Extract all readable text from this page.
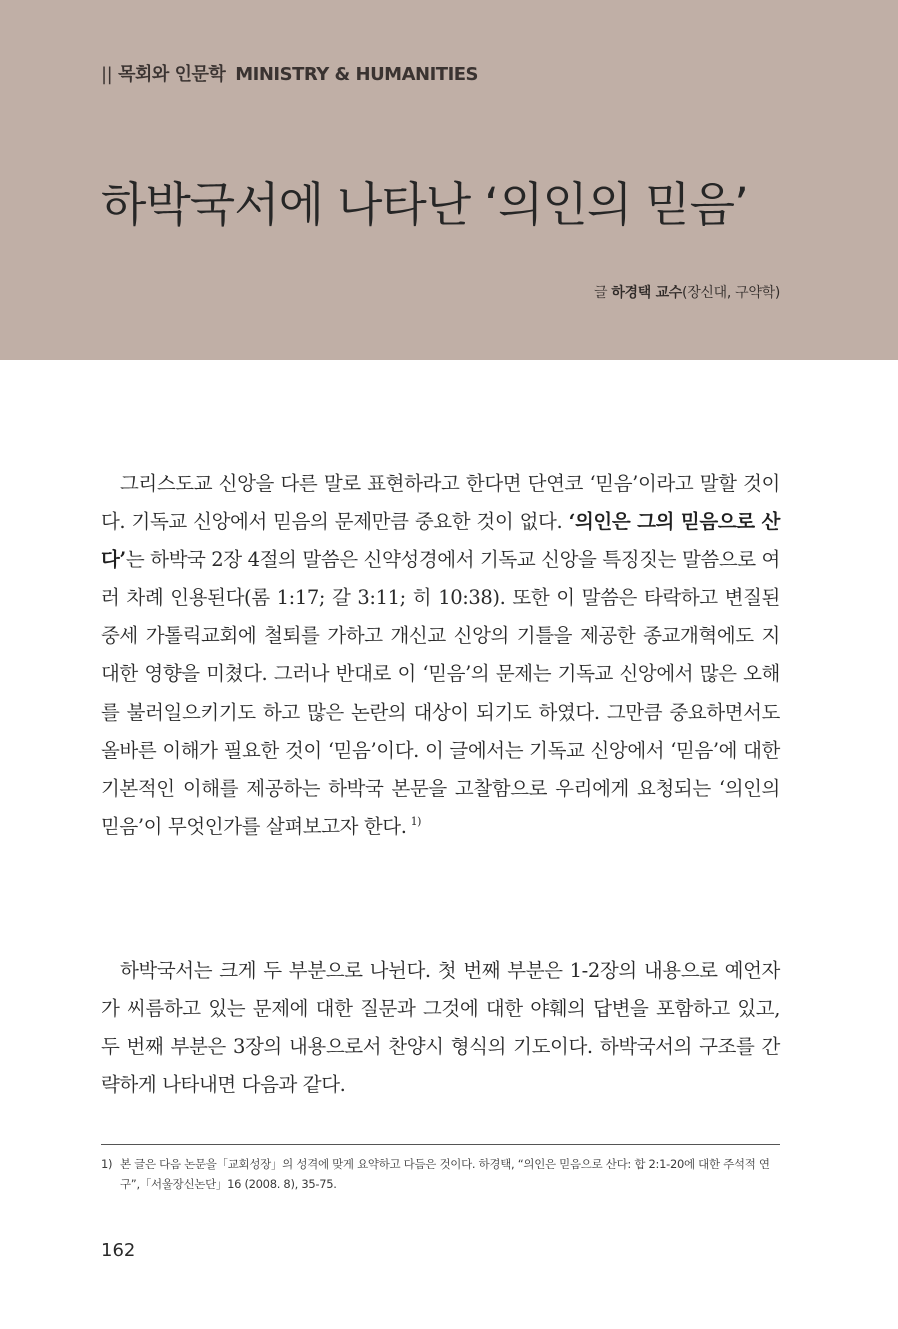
|| 목회와 인문학 MINISTRY & HUMANITIES
하박국서에 나타난 ‘의인의 믿음’
글 하경택 교수(장신대, 구약학)

그리스도교 신앙을 다른 말로 표현하라고 한다면 단연코 ‘믿음’이라고 말할 것이다. 기독교 신앙에서 믿음의 문제만큼 중요한 것이 없다. ‘의인은 그의 믿음으로 산다’는 하박국 2장 4절의 말씀은 신약성경에서 기독교 신앙을 특징짓는 말씀으로 여러 차례 인용된다(롬 1:17; 갈 3:11; 히 10:38). 또한 이 말씀은 타락하고 변질된 중세 가톨릭교회에 철퇴를 가하고 개신교 신앙의 기틀을 제공한 종교개혁에도 지대한 영향을 미쳤다. 그러나 반대로 이 ‘믿음’의 문제는 기독교 신앙에서 많은 오해를 불러일으키기도 하고 많은 논란의 대상이 되기도 하였다. 그만큼 중요하면서도 올바른 이해가 필요한 것이 ‘믿음’이다. 이 글에서는 기독교 신앙에서 ‘믿음’에 대한 기본적인 이해를 제공하는 하박국 본문을 고찰함으로 우리에게 요청되는 ‘의인의 믿음’이 무엇인가를 살펴보고자 한다. $^{1)}$

하박국서는 크게 두 부분으로 나뉜다. 첫 번째 부분은 1-2장의 내용으로 예언자가 씨름하고 있는 문제에 대한 질문과 그것에 대한 야훼의 답변을 포함하고 있고, 두 번째 부분은 3장의 내용으로서 찬양시 형식의 기도이다. 하박국서의 구조를 간략하게 나타내면 다음과 같다.

1) 본 글은 다음 논문을「교회성장」의 성격에 맞게 요약하고 다듬은 것이다. 하경택, “의인은 믿음으로 산다: 합 2:1-20에 대한 주석적 연구”,「서울장신논단」16 (2008. 8), 35-75.
162
